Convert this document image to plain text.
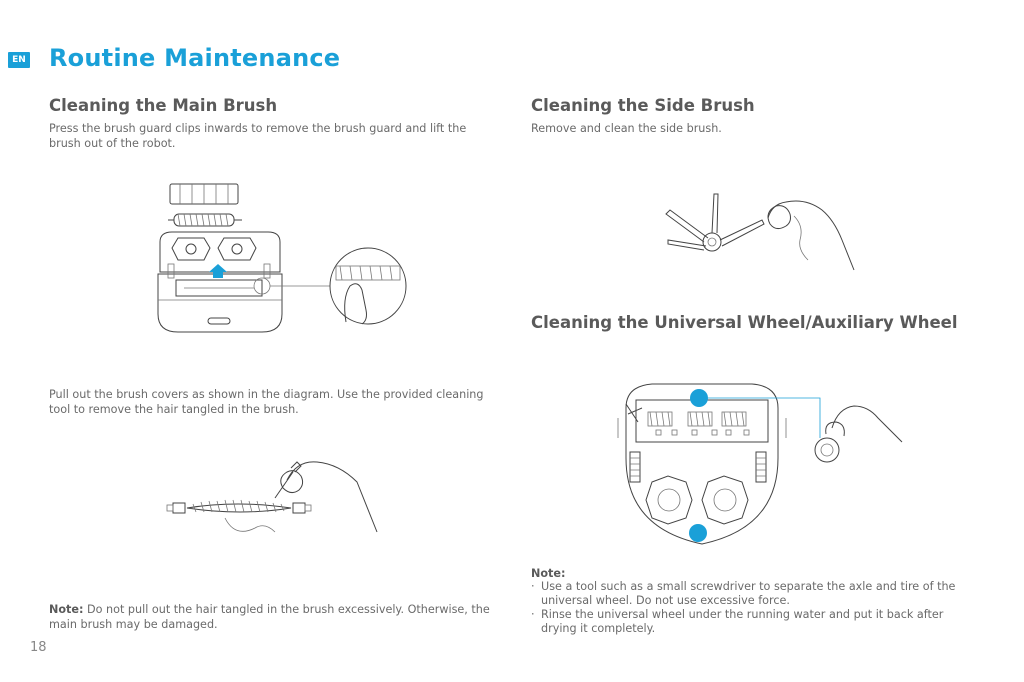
EN Routine Maintenance
Cleaning the Main Brush
Press the brush guard clips inwards to remove the brush guard and lift the brush out of the robot.
Pull out the brush covers as shown in the diagram. Use the provided cleaning tool to remove the hair tangled in the brush.
Note: Do not pull out the hair tangled in the brush excessively. Otherwise, the main brush may be damaged.
18
Cleaning the Side Brush
Remove and clean the side brush.
Cleaning the Universal Wheel/Auxiliary Wheel
Note:
· Use a tool such as a small screwdriver to separate the axle and tire of the universal wheel. Do not use excessive force.
· Rinse the universal wheel under the running water and put it back after drying it completely.
